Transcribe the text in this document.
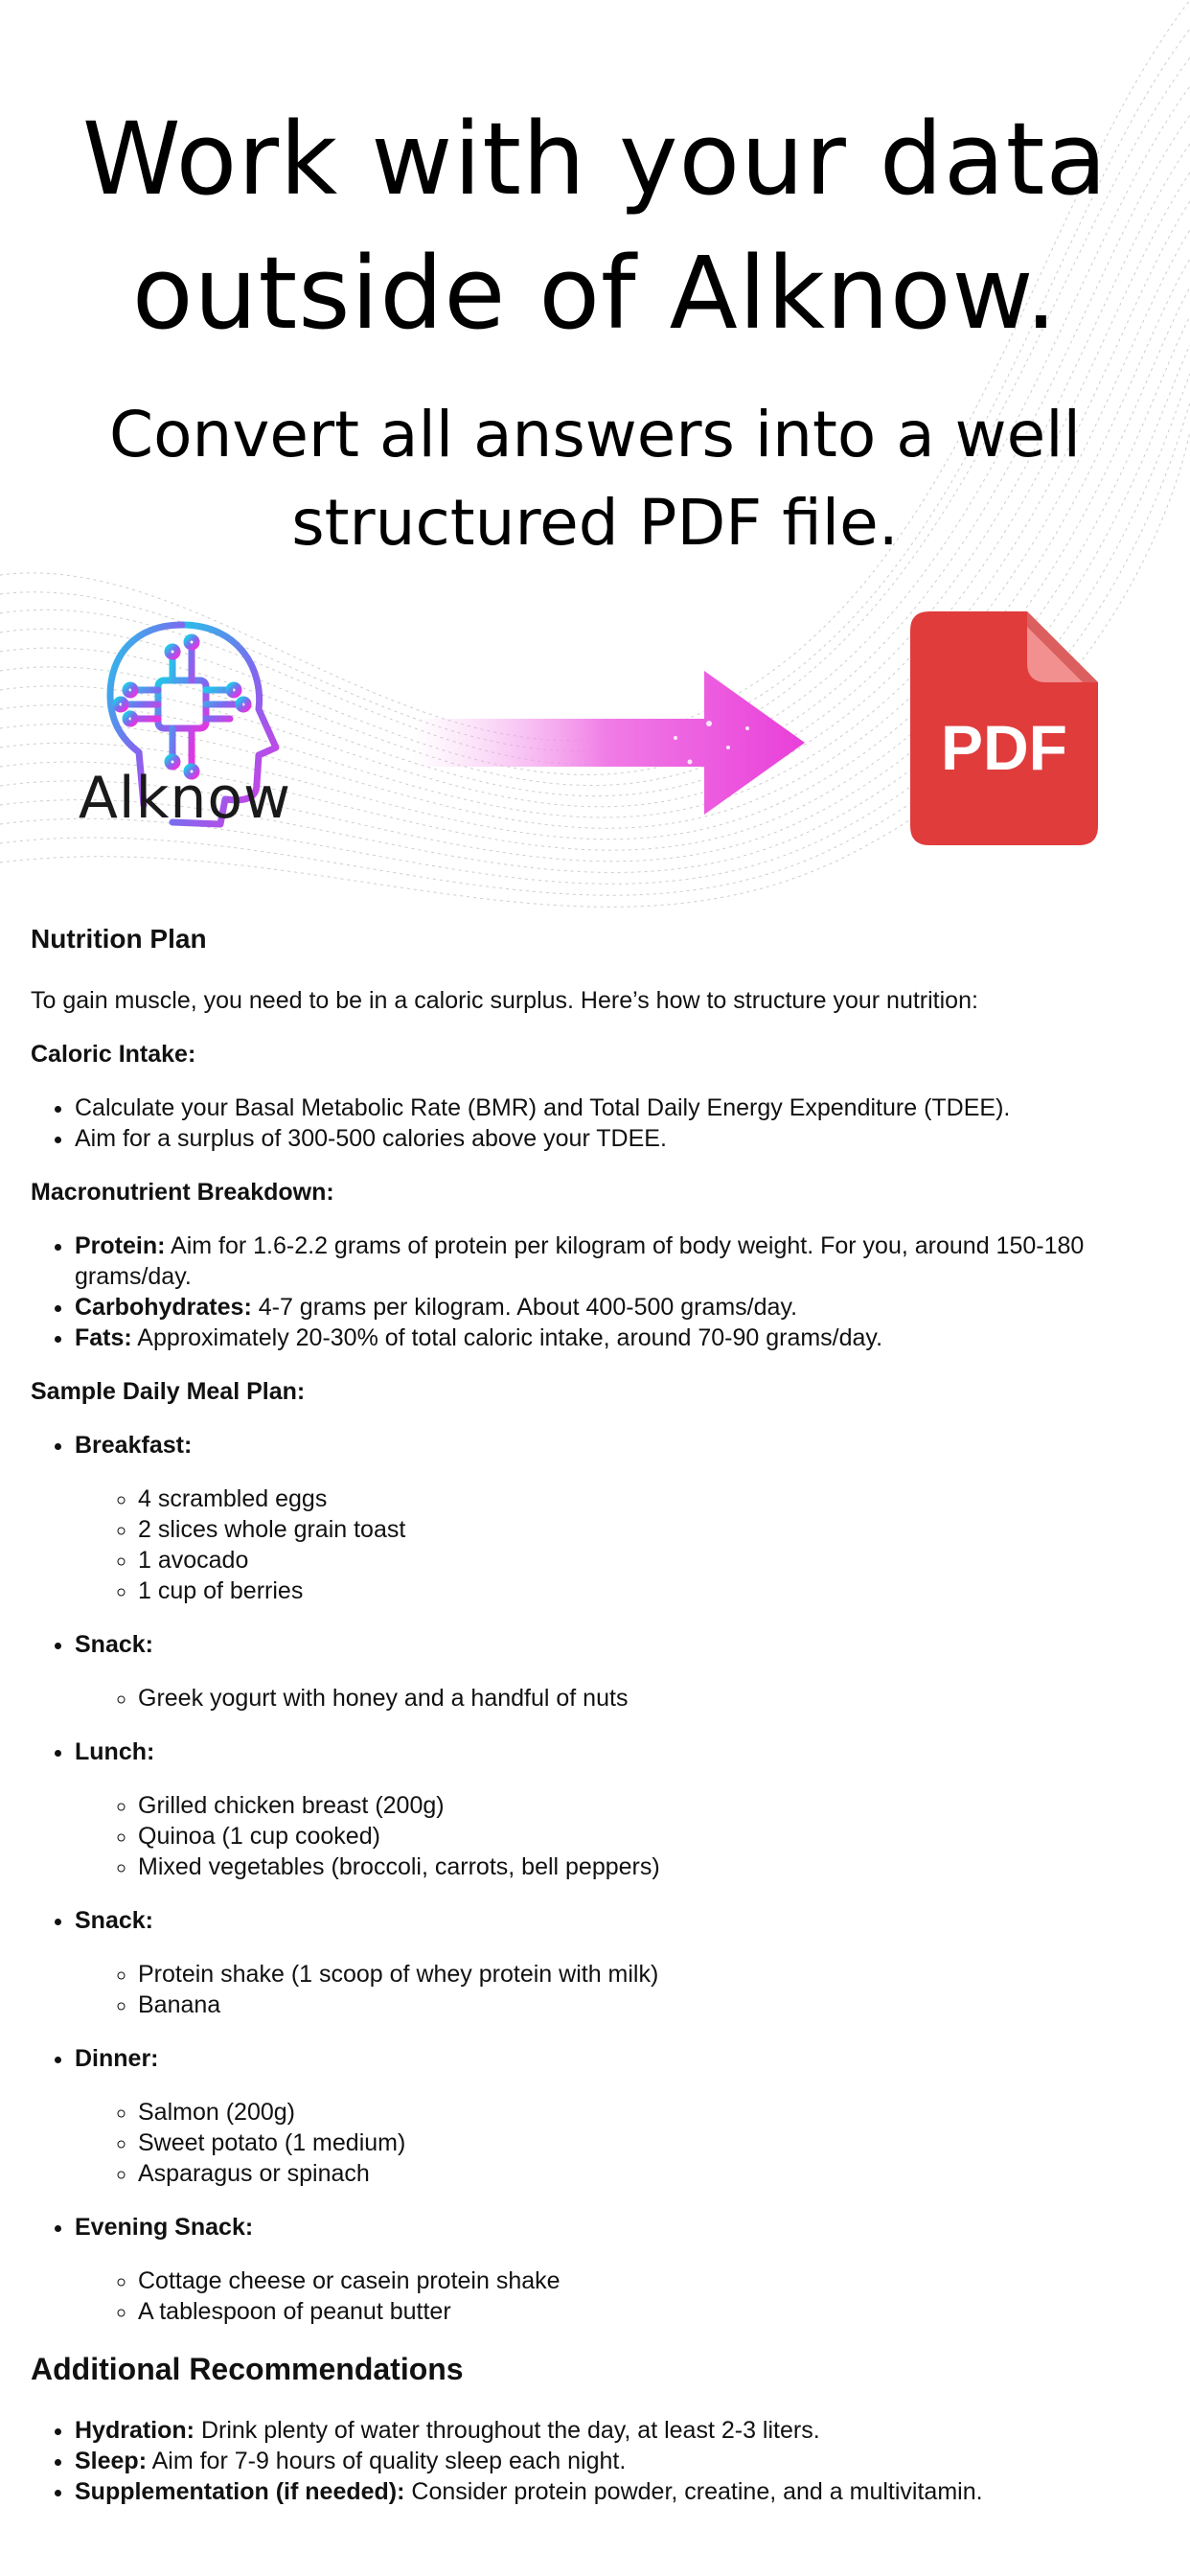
Work with your data
outside of Alknow.
Convert all answers into a well
structured PDF file.
Alknow
PDF
Nutrition Plan

To gain muscle, you need to be in a caloric surplus. Here’s how to structure your nutrition:

Caloric Intake:

• Calculate your Basal Metabolic Rate (BMR) and Total Daily Energy Expenditure (TDEE).
• Aim for a surplus of 300-500 calories above your TDEE.

Macronutrient Breakdown:

• Protein: Aim for 1.6-2.2 grams of protein per kilogram of body weight. For you, around 150-180 grams/day.
• Carbohydrates: 4-7 grams per kilogram. About 400-500 grams/day.
• Fats: Approximately 20-30% of total caloric intake, around 70-90 grams/day.

Sample Daily Meal Plan:

• Breakfast:
◦ 4 scrambled eggs
◦ 2 slices whole grain toast
◦ 1 avocado
◦ 1 cup of berries
• Snack:
◦ Greek yogurt with honey and a handful of nuts
• Lunch:
◦ Grilled chicken breast (200g)
◦ Quinoa (1 cup cooked)
◦ Mixed vegetables (broccoli, carrots, bell peppers)
• Snack:
◦ Protein shake (1 scoop of whey protein with milk)
◦ Banana
• Dinner:
◦ Salmon (200g)
◦ Sweet potato (1 medium)
◦ Asparagus or spinach
• Evening Snack:
◦ Cottage cheese or casein protein shake
◦ A tablespoon of peanut butter
Additional Recommendations
• Hydration: Drink plenty of water throughout the day, at least 2-3 liters.
• Sleep: Aim for 7-9 hours of quality sleep each night.
• Supplementation (if needed): Consider protein powder, creatine, and a multivitamin.
